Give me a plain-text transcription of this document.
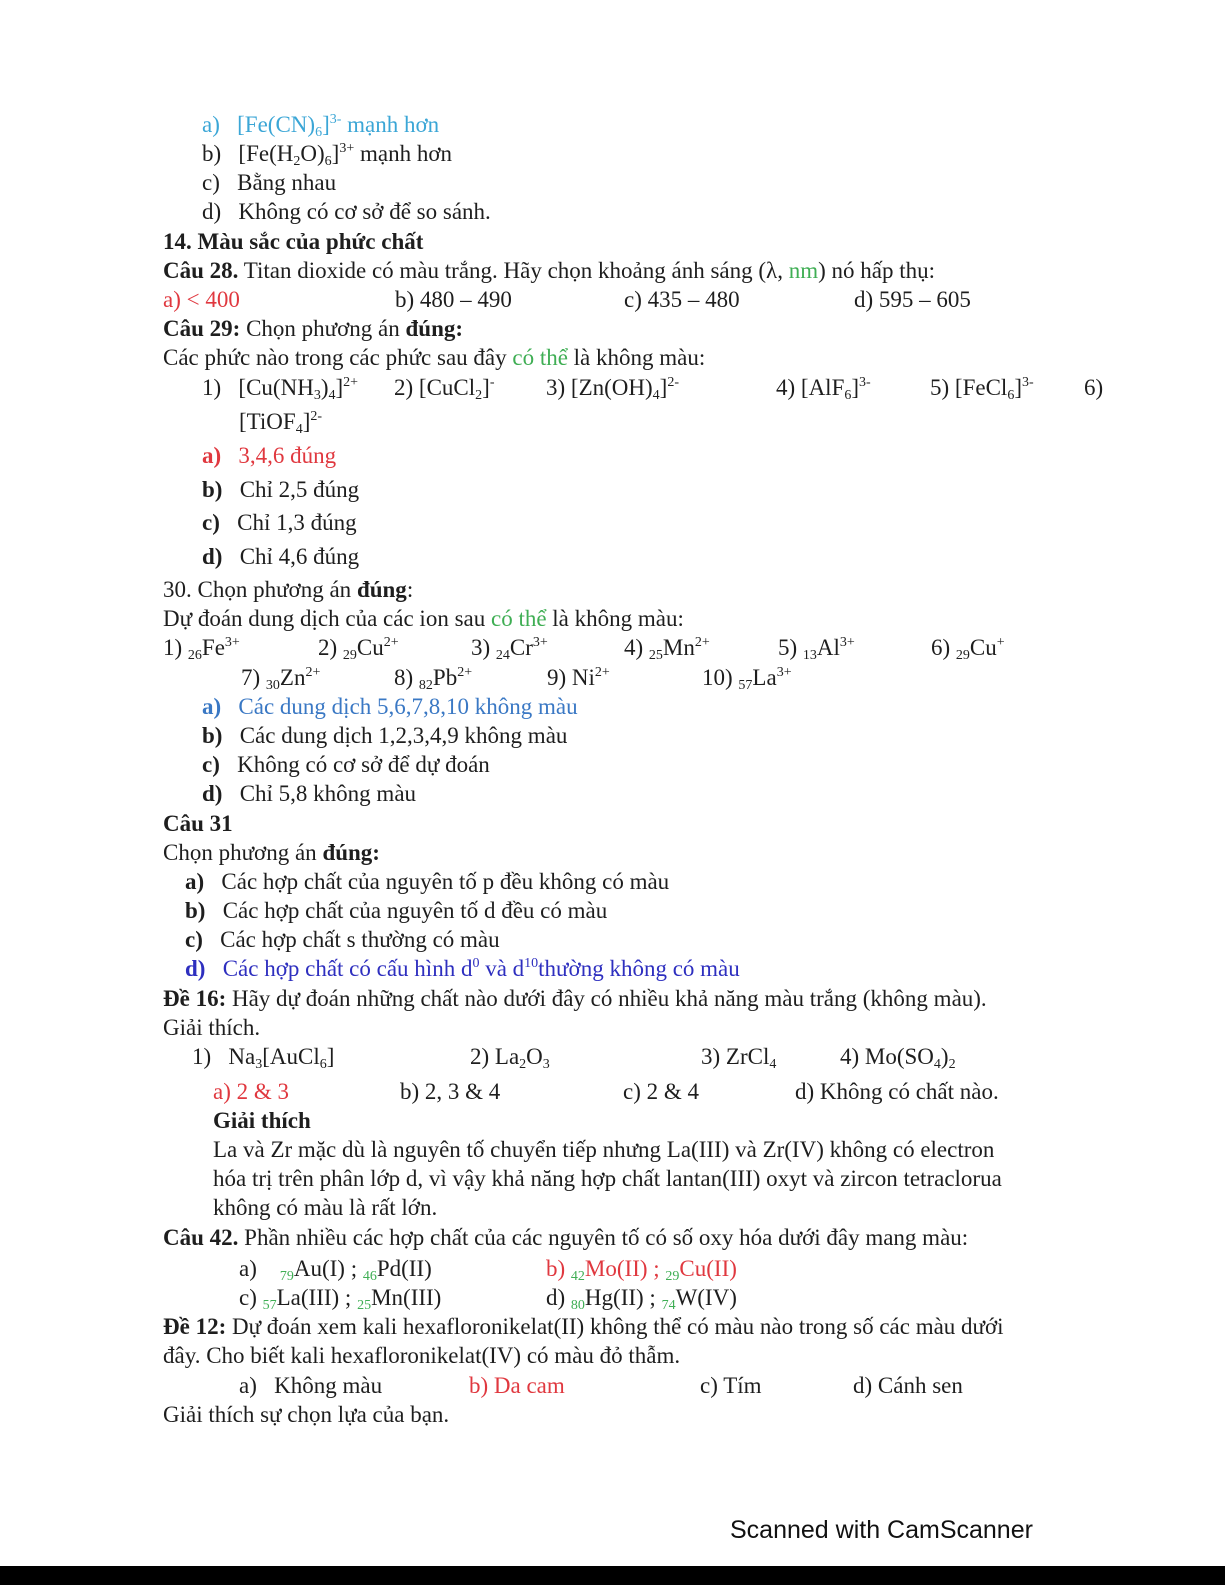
a) $[Fe(CN)_6]^{3-}$ mạnh hơn
b) $[Fe(H_2O)_6]^{3+}$ mạnh hơn
c) Bằng nhau
d) Không có cơ sở để so sánh.
14. Màu sắc của phức chất
Câu 28. Titan dioxide có màu trắng. Hãy chọn khoảng ánh sáng (λ, nm) nó hấp thụ:
a) < 400	b) 480 – 490	c) 435 – 480	d) 595 – 605
Câu 29: Chọn phương án đúng:
Các phức nào trong các phức sau đây có thể là không màu:
1) $[Cu(NH_3)_4]^{2+}$ 2) [CuCl$_2$]- 3) $[Zn(OH)_4]^{2-}$	4) $[AlF_6]^{3-}$	5) [FeCl$_6$]$^{3-}$ 6)
[TiOF$_4$]$^{2-}$
a) 3,4,6 đúng
b) Chỉ 2,5 đúng
c) Chỉ 1,3 đúng
d) Chỉ 4,6 đúng
30. Chọn phương án đúng:
Dự đoán dung dịch của các ion sau có thể là không màu:
1) $_{26}Fe^{3+}$	2) $_{29}Cu^{2+}$	3) $_{24}Cr^{3+}$	4) $_{25}Mn^{2+}$	5) $_{13}Al^{3+}$	6) $_{29}$Cu+
7) $_{30}Zn^{2+}$	8) $_{82}Pb^{2+}$	9) $Ni^{2+}$	10) $_{57}La^{3+}$
a) Các dung dịch 5,6,7,8,10 không màu
b) Các dung dịch 1,2,3,4,9 không màu
c) Không có cơ sở để dự đoán
d) Chỉ 5,8 không màu
Câu 31
Chọn phương án đúng:
a) Các hợp chất của nguyên tố p đều không có màu
b) Các hợp chất của nguyên tố d đều có màu
c) Các hợp chất s thường có màu
d) Các hợp chất có cấu hình $d^0$ và $d^{10}thường$ không có màu
Đề 16: Hãy dự đoán những chất nào dưới đây có nhiều khả năng màu trắng (không màu).
Giải thích.
1) $Na_3[AuCl_6]$	2) $La_2O_3$	3) ZrCl$_4$	4) $Mo(SO_4)_2$
a) 2 & 3	b) 2, 3 & 4	c) 2 & 4	d) Không có chất nào.
Giải thích
La và Zr mặc dù là nguyên tố chuyển tiếp nhưng La(III) và Zr(IV) không có electron
hóa trị trên phân lớp d, vì vậy khả năng hợp chất lantan(III) oxyt và zircon tetraclorua
không có màu là rất lớn.
Câu 42. Phần nhiều các hợp chất của các nguyên tố có số oxy hóa dưới đây mang màu:
a) $_{79}$Au(I) ; $_{46}$Pd(II)	b) $_{42}$Mo(II) ; $_{29}$Cu(II)
c) $_{57}$La(III) ; $_{25}$Mn(III)	d) $_{80}$Hg(II) ; $_{74}$W(IV)
Đề 12: Dự đoán xem kali hexafloronikelat(II) không thể có màu nào trong số các màu dưới
đây. Cho biết kali hexafloronikelat(IV) có màu đỏ thẫm.
a) Không màu	b) Da cam	c) Tím	d) Cánh sen
Giải thích sự chọn lựa của bạn.
Scanned with CamScanner
